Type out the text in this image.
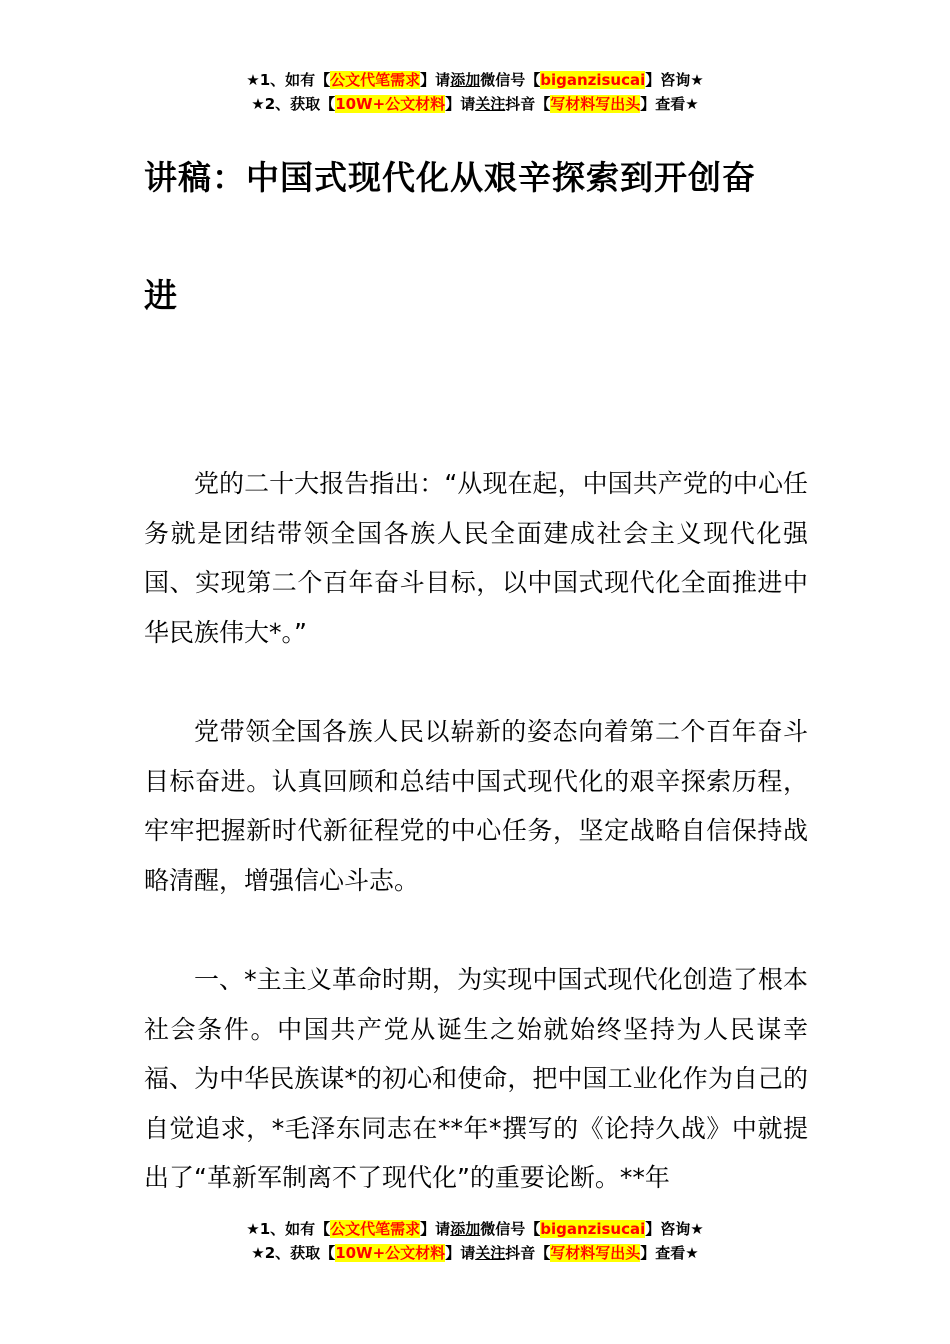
★1、如有【公文代笔需求】请添加微信号【biganzisucai】咨询★
★2、获取【10W+公文材料】请关注抖音【写材料写出头】查看★
讲稿：中国式现代化从艰辛探索到开创奋
进

党的二十大报告指出：“从现在起，中国共产党的中心任务就是团结带领全国各族人民全面建成社会主义现代化强国、实现第二个百年奋斗目标，以中国式现代化全面推进中华民族伟大*。”

党带领全国各族人民以崭新的姿态向着第二个百年奋斗目标奋进。认真回顾和总结中国式现代化的艰辛探索历程，牢牢把握新时代新征程党的中心任务，坚定战略自信保持战略清醒，增强信心斗志。

一、*主主义革命时期，为实现中国式现代化创造了根本社会条件。中国共产党从诞生之始就始终坚持为人民谋幸福、为中华民族谋*的初心和使命，把中国工业化作为自己的自觉追求，*毛泽东同志在**年*撰写的《论持久战》中就提出了“革新军制离不了现代化”的重要论断。**年

★1、如有【公文代笔需求】请添加微信号【biganzisucai】咨询★
★2、获取【10W+公文材料】请关注抖音【写材料写出头】查看★
